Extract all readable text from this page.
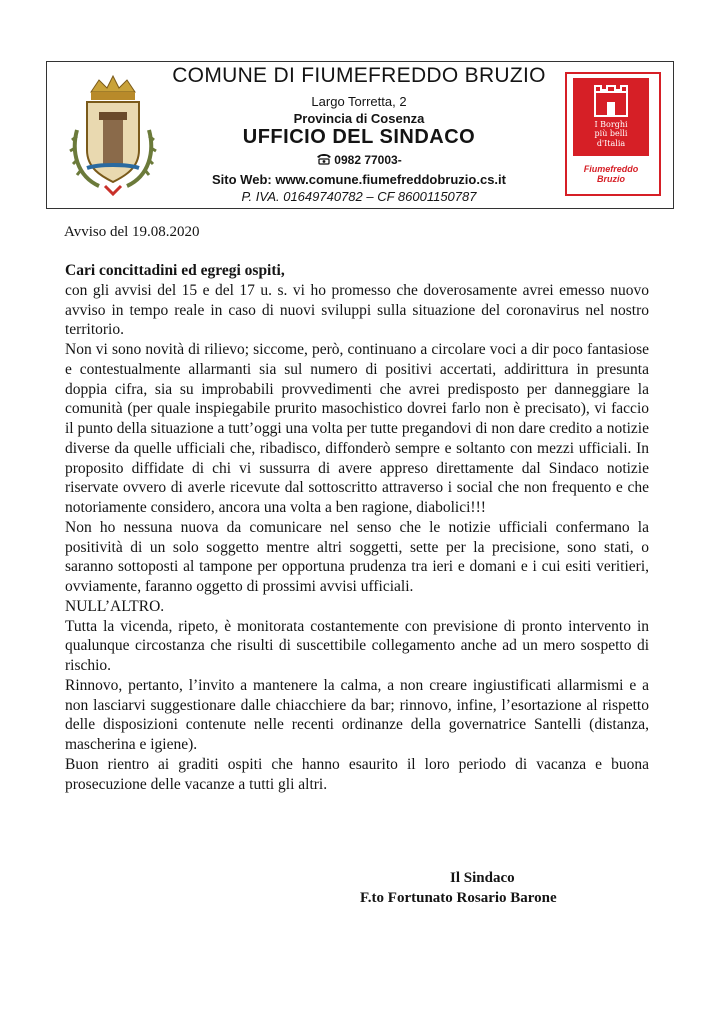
COMUNE DI FIUMEFREDDO BRUZIO
Largo Torretta, 2
Provincia di Cosenza
UFFICIO DEL SINDACO
0982 77003-
Sito Web: www.comune.fiumefreddobruzio.cs.it
P. IVA. 01649740782 – CF 86001150787
I Borghi
più belli
d'Italia
Fiumefreddo
Bruzio
Avviso del 19.08.2020

Cari concittadini ed egregi ospiti,

con gli avvisi del 15 e del 17 u. s. vi ho promesso che doverosamente avrei emesso nuovo avviso in tempo reale in caso di nuovi sviluppi sulla situazione del coronavirus nel nostro territorio.

Non vi sono novità di rilievo; siccome, però, continuano a circolare voci a dir poco fantasiose e contestualmente allarmanti sia sul numero di positivi accertati, addirittura in presunta doppia cifra, sia su improbabili provvedimenti che avrei predisposto per danneggiare la comunità (per quale inspiegabile prurito masochistico dovrei farlo non è precisato), vi faccio il punto della situazione a tutt’oggi una volta per tutte pregandovi di non dare credito a notizie diverse da quelle ufficiali che, ribadisco, diffonderò sempre e soltanto con mezzi ufficiali. In proposito diffidate di chi vi sussurra di avere appreso direttamente dal Sindaco notizie riservate ovvero di averle ricevute dal sottoscritto attraverso i social che non frequento e che notoriamente considero, ancora una volta a ben ragione, diabolici!!!

Non ho nessuna nuova da comunicare nel senso che le notizie ufficiali confermano la positività di un solo soggetto mentre altri soggetti, sette per la precisione, sono stati, o saranno sottoposti al tampone per opportuna prudenza tra ieri e domani e i cui esiti veritieri, ovviamente, faranno oggetto di prossimi avvisi ufficiali.

NULL’ALTRO.

Tutta la vicenda, ripeto, è monitorata costantemente con previsione di pronto intervento in qualunque circostanza che risulti di suscettibile collegamento anche ad un mero sospetto di rischio.

Rinnovo, pertanto, l’invito a mantenere la calma, a non creare ingiustificati allarmismi e a non lasciarvi suggestionare dalle chiacchiere da bar; rinnovo, infine, l’esortazione al rispetto delle disposizioni contenute nelle recenti ordinanze della governatrice Santelli (distanza, mascherina e igiene).

Buon rientro ai graditi ospiti che hanno esaurito il loro periodo di vacanza e buona prosecuzione delle vacanze a tutti gli altri.

Il Sindaco
F.to Fortunato Rosario Barone
